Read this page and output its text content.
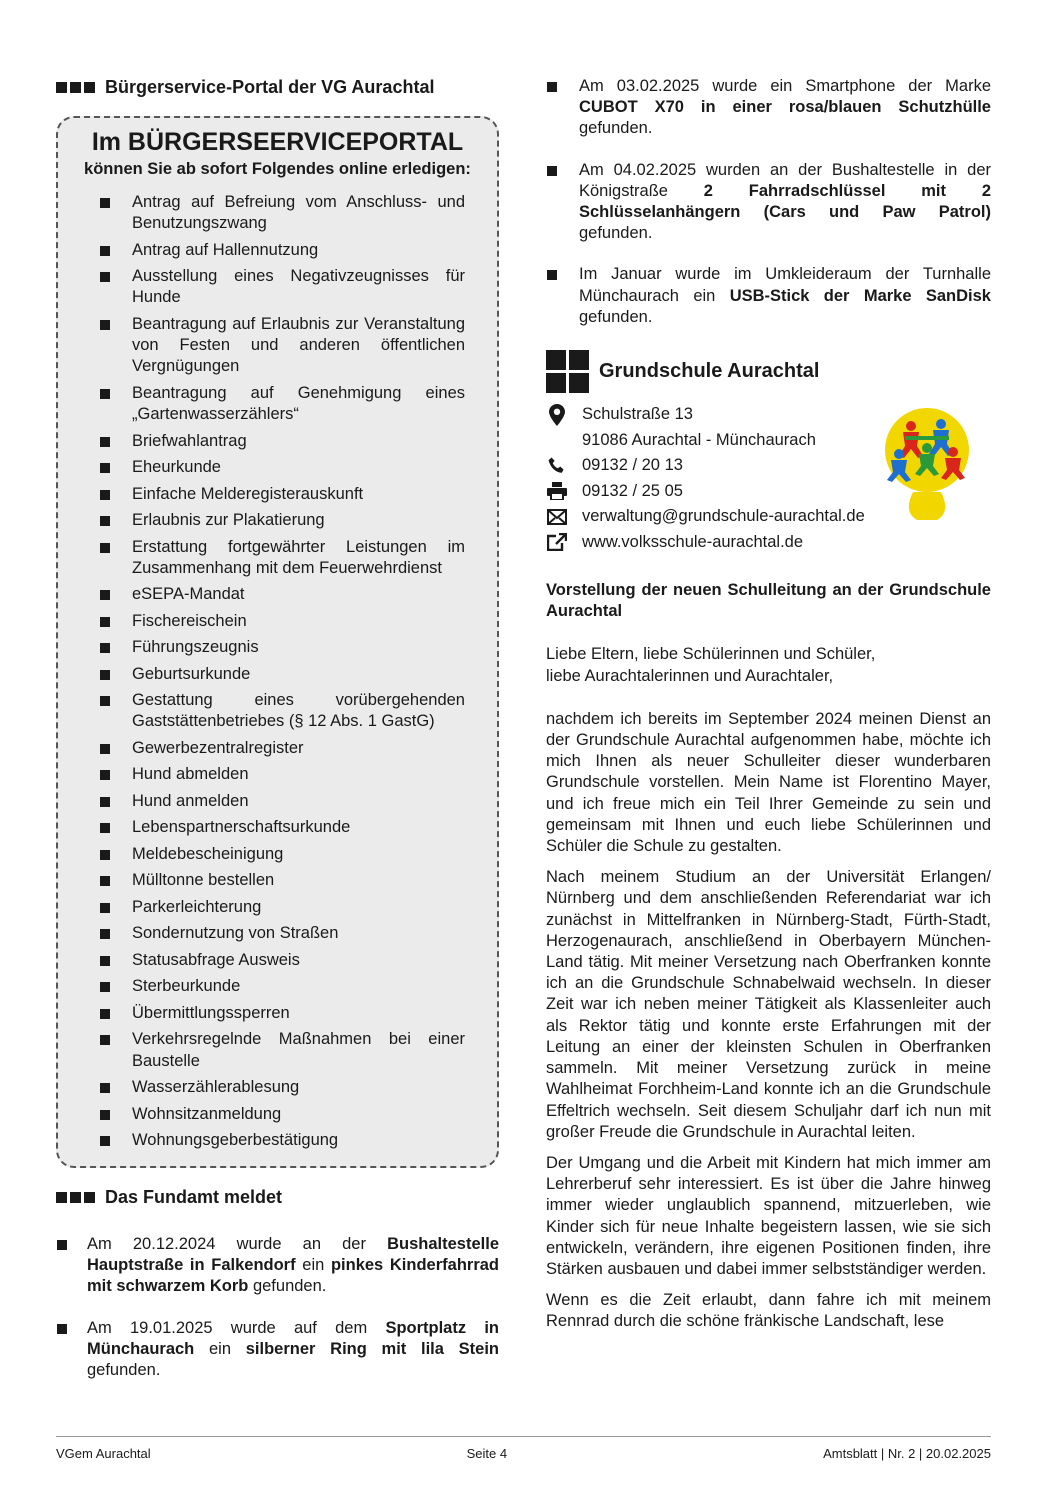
Bürgerservice-Portal der VG Aurachtal
Im BÜRGERSEERVICEPORTAL
können Sie ab sofort Folgendes online erledigen:
Antrag auf Befreiung vom Anschluss- und Benutzungszwang
Antrag auf Hallennutzung
Ausstellung eines Negativzeugnisses für Hunde
Beantragung auf Erlaubnis zur Veranstaltung von Festen und anderen öffentlichen Vergnügungen
Beantragung auf Genehmigung eines „Gartenwasserzählers“
Briefwahlantrag
Eheurkunde
Einfache Melderegisterauskunft
Erlaubnis zur Plakatierung
Erstattung fortgewährter Leistungen im Zusammenhang mit dem Feuerwehrdienst
eSEPA-Mandat
Fischereischein
Führungszeugnis
Geburtsurkunde
Gestattung eines vorübergehenden Gaststättenbetriebes (§ 12 Abs. 1 GastG)
Gewerbezentralregister
Hund abmelden
Hund anmelden
Lebenspartnerschaftsurkunde
Meldebescheinigung
Mülltonne bestellen
Parkerleichterung
Sondernutzung von Straßen
Statusabfrage Ausweis
Sterbeurkunde
Übermittlungssperren
Verkehrsregelnde Maßnahmen bei einer Baustelle
Wasserzählerablesung
Wohnsitzanmeldung
Wohnungsgeberbestätigung
Das Fundamt meldet
Am 20.12.2024 wurde an der Bushaltestelle Hauptstraße in Falkendorf ein pinkes Kinderfahrrad mit schwarzem Korb gefunden.
Am 19.01.2025 wurde auf dem Sportplatz in Münchaurach ein silberner Ring mit lila Stein gefunden.
Am 03.02.2025 wurde ein Smartphone der Marke CUBOT X70 in einer rosa/blauen Schutzhülle gefunden.
Am 04.02.2025 wurden an der Bushaltestelle in der Königstraße 2 Fahrradschlüssel mit 2 Schlüsselanhängern (Cars und Paw Patrol) gefunden.
Im Januar wurde im Umkleideraum der Turnhalle Münchaurach ein USB-Stick der Marke SanDisk gefunden.
Grundschule Aurachtal
Schulstraße 13
91086 Aurachtal - Münchaurach
09132 / 20 13
09132 / 25 05
verwaltung@grundschule-aurachtal.de
www.volksschule-aurachtal.de
Vorstellung der neuen Schulleitung an der Grundschule Aurachtal

Liebe Eltern, liebe Schülerinnen und Schüler,

liebe Aurachtalerinnen und Aurachtaler,

nachdem ich bereits im September 2024 meinen Dienst an der Grundschule Aurachtal aufgenommen habe, möchte ich mich Ihnen als neuer Schulleiter dieser wunderbaren Grundschule vorstellen. Mein Name ist Florentino Mayer, und ich freue mich ein Teil Ihrer Gemeinde zu sein und gemeinsam mit Ihnen und euch liebe Schülerinnen und Schüler die Schule zu gestalten.

Nach meinem Studium an der Universität Erlangen/ Nürnberg und dem anschließenden Referendariat war ich zunächst in Mittelfranken in Nürnberg-Stadt, Fürth-Stadt, Herzogenaurach, anschließend in Oberbayern München-Land tätig. Mit meiner Versetzung nach Oberfranken konnte ich an die Grundschule Schnabelwaid wechseln. In dieser Zeit war ich neben meiner Tätigkeit als Klassenleiter auch als Rektor tätig und konnte erste Erfahrungen mit der Leitung an einer der kleinsten Schulen in Oberfranken sammeln. Mit meiner Versetzung zurück in meine Wahlheimat Forchheim-Land konnte ich an die Grundschule Effeltrich wechseln. Seit diesem Schuljahr darf ich nun mit großer Freude die Grundschule in Aurachtal leiten.

Der Umgang und die Arbeit mit Kindern hat mich immer am Lehrerberuf sehr interessiert. Es ist über die Jahre hinweg immer wieder unglaublich spannend, mitzuerleben, wie Kinder sich für neue Inhalte begeistern lassen, wie sie sich entwickeln, verändern, ihre eigenen Positionen finden, ihre Stärken ausbauen und dabei immer selbstständiger werden.

Wenn es die Zeit erlaubt, dann fahre ich mit meinem Rennrad durch die schöne fränkische Landschaft, lese

VGem Aurachtal	Seite 4	Amtsblatt | Nr. 2 | 20.02.2025
